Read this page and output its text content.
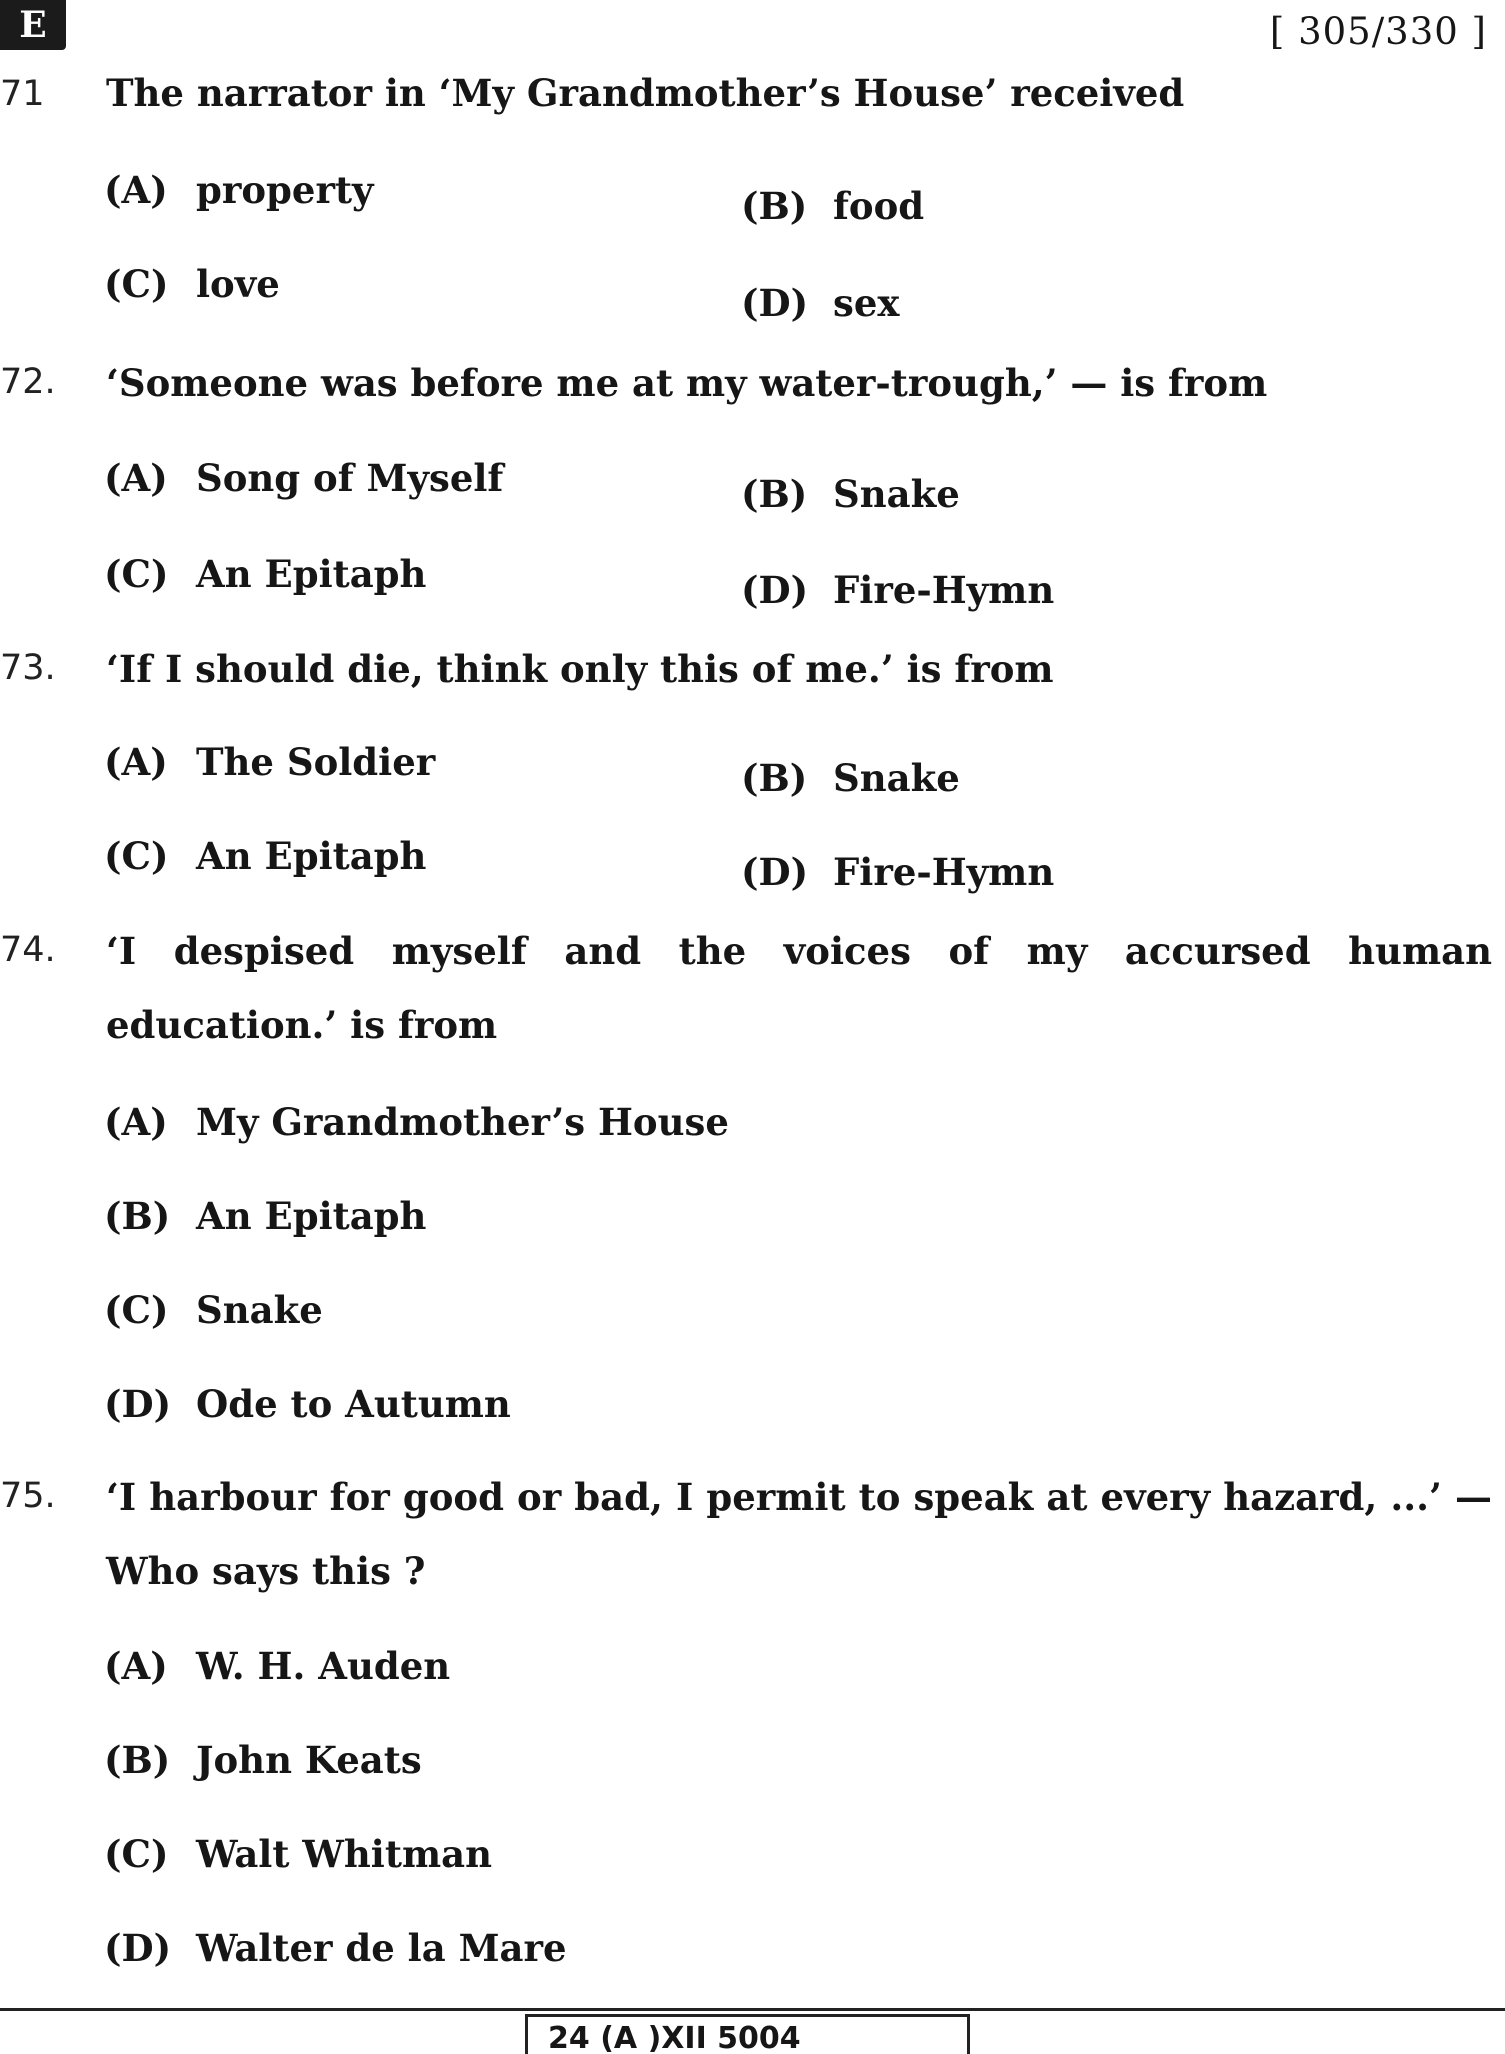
E	[ 305/330 ]
71 The narrator in ‘My Grandmother’s House’ received
(A) property	(B) food
(C) love	(D) sex
72. ‘Someone was before me at my water-trough,’ — is from
(A) Song of Myself	(B) Snake
(C) An Epitaph	(D) Fire-Hymn
73. ‘If I should die, think only this of me.’ is from
(A) The Soldier	(B) Snake
(C) An Epitaph	(D) Fire-Hymn
74. ‘I despised myself and the voices of my accursed human education.’ is from
(A) My Grandmother’s House
(B) An Epitaph
(C) Snake
(D) Ode to Autumn
75. ‘I harbour for good or bad, I permit to speak at every hazard, ...’ — Who says this ?
(A) W. H. Auden
(B) John Keats
(C) Walt Whitman
(D) Walter de la Mare
24 (A )XII 5004
